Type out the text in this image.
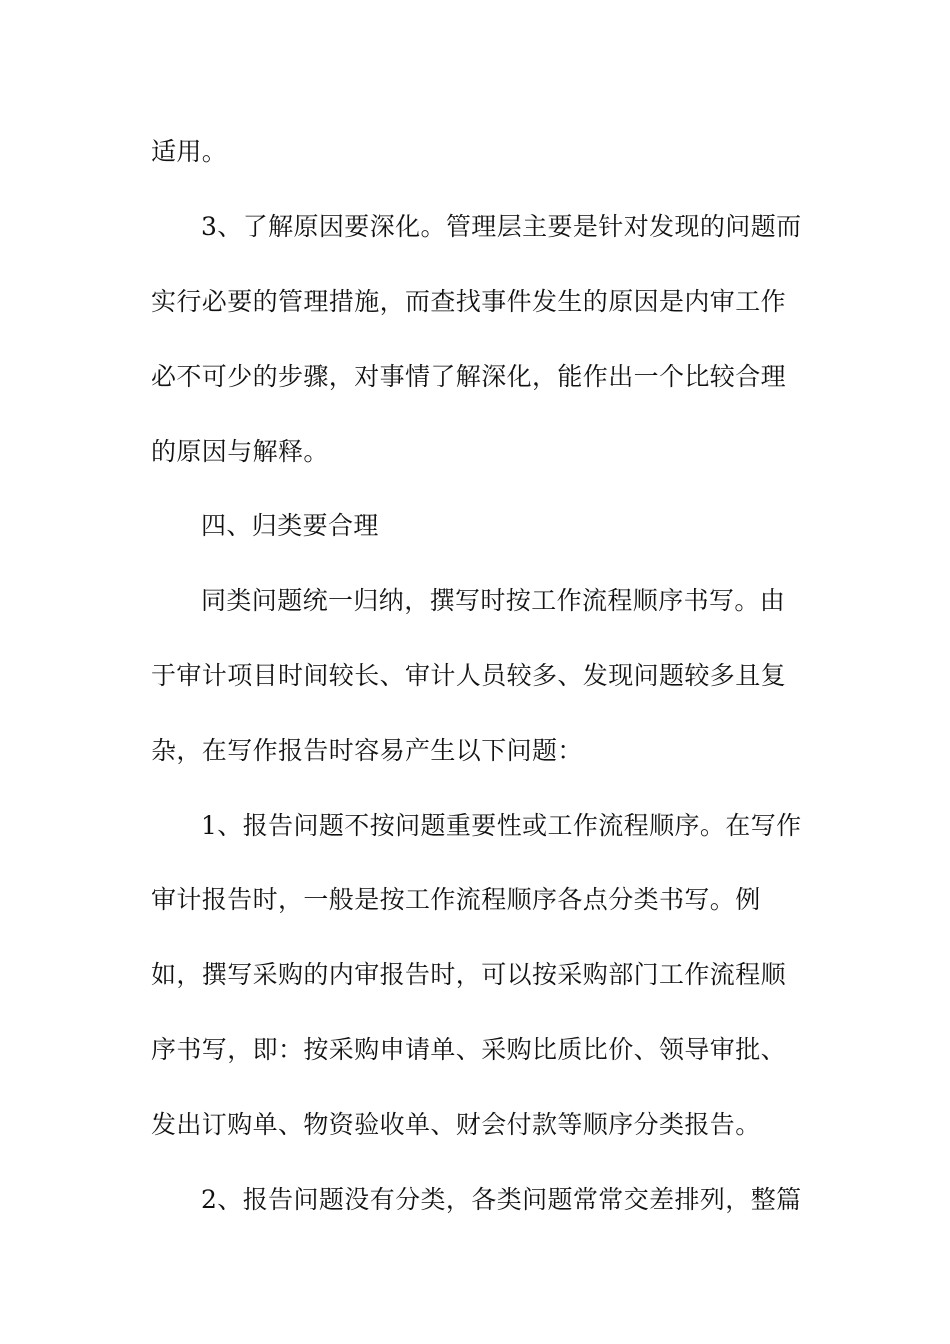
适用。
3、了解原因要深化。管理层主要是针对发现的问题而
实行必要的管理措施，而查找事件发生的原因是内审工作
必不可少的步骤，对事情了解深化，能作出一个比较合理
的原因与解释。
四、归类要合理
同类问题统一归纳，撰写时按工作流程顺序书写。由
于审计项目时间较长、审计人员较多、发现问题较多且复
杂，在写作报告时容易产生以下问题：
1、报告问题不按问题重要性或工作流程顺序。在写作
审计报告时，一般是按工作流程顺序各点分类书写。例
如，撰写采购的内审报告时，可以按采购部门工作流程顺
序书写，即：按采购申请单、采购比质比价、领导审批、
发出订购单、物资验收单、财会付款等顺序分类报告。
2、报告问题没有分类，各类问题常常交差排列，整篇
